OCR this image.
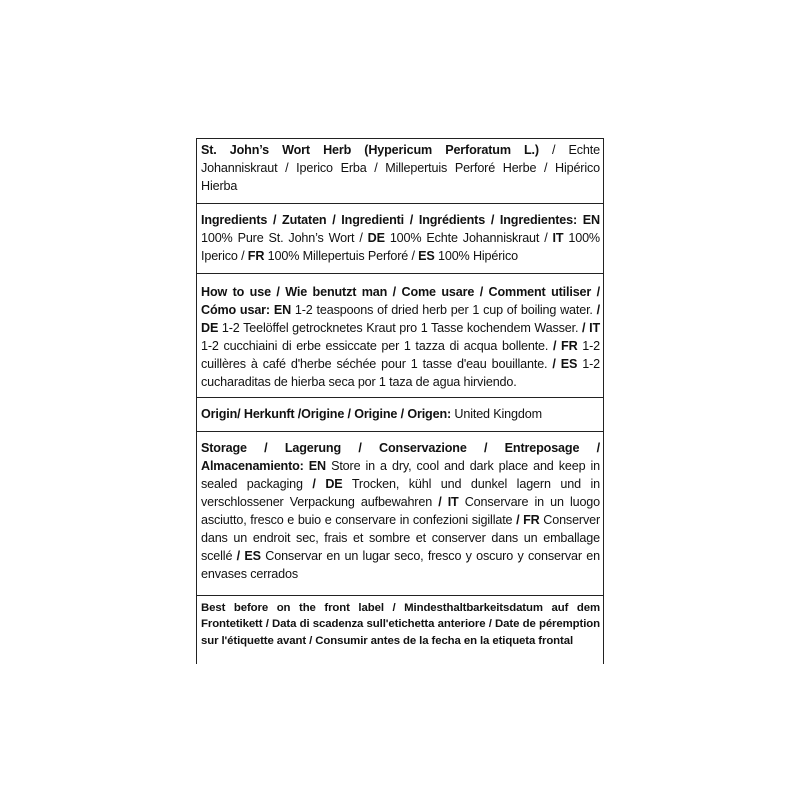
St. John’s Wort Herb (Hypericum Perforatum L.) / Echte Johanniskraut / Iperico Erba / Millepertuis Perforé Herbe / Hipérico Hierba
Ingredients / Zutaten / Ingredienti / Ingrédients / Ingredientes: EN 100% Pure St. John’s Wort / DE 100% Echte Johanniskraut / IT 100% Iperico / FR 100% Millepertuis Perforé / ES 100% Hipérico
How to use / Wie benutzt man / Come usare / Comment utiliser / Cómo usar: EN 1-2 teaspoons of dried herb per 1 cup of boiling water. / DE 1-2 Teelöffel getrocknetes Kraut pro 1 Tasse kochendem Wasser. / IT 1-2 cucchiaini di erbe essiccate per 1 tazza di acqua bollente. / FR 1-2 cuillères à café d'herbe séchée pour 1 tasse d'eau bouillante. / ES 1-2 cucharaditas de hierba seca por 1 taza de agua hirviendo.
Origin/ Herkunft /Origine / Origine / Origen: United Kingdom
Storage / Lagerung / Conservazione / Entreposage / Almacenamiento: EN Store in a dry, cool and dark place and keep in sealed packaging / DE Trocken, kühl und dunkel lagern und in verschlossener Verpackung aufbewahren / IT Conservare in un luogo asciutto, fresco e buio e conservare in confezioni sigillate / FR Conserver dans un endroit sec, frais et sombre et conserver dans un emballage scellé / ES Conservar en un lugar seco, fresco y oscuro y conservar en envases cerrados
Best before on the front label / Mindesthaltbarkeitsdatum auf dem Frontetikett / Data di scadenza sull'etichetta anteriore / Date de péremption sur l'étiquette avant / Consumir antes de la fecha en la etiqueta frontal
